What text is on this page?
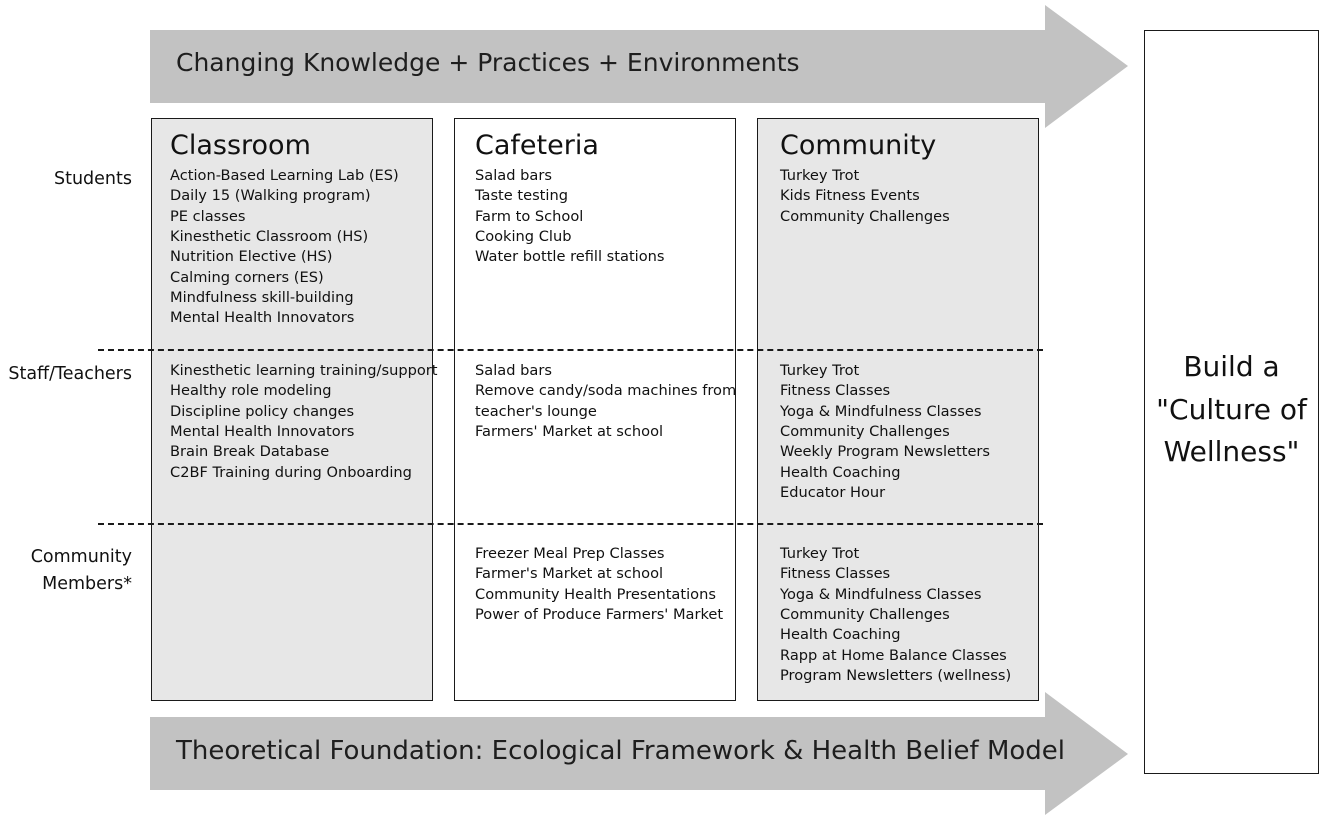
Changing Knowledge + Practices + Environments
Theoretical Foundation: Ecological Framework & Health Belief Model
Classroom	Cafeteria	Community
Students
Staff/Teachers
Community
Members*
Action-Based Learning Lab (ES)
Daily 15 (Walking program)
PE classes
Kinesthetic Classroom (HS)
Nutrition Elective (HS)
Calming corners (ES)
Mindfulness skill-building
Mental Health Innovators
Salad bars
Taste testing
Farm to School
Cooking Club
Water bottle refill stations
Turkey Trot
Kids Fitness Events
Community Challenges
Kinesthetic learning training/support
Healthy role modeling
Discipline policy changes
Mental Health Innovators
Brain Break Database
C2BF Training during Onboarding
Salad bars
Remove candy/soda machines from
teacher's lounge
Farmers' Market at school
Turkey Trot
Fitness Classes
Yoga & Mindfulness Classes
Community Challenges
Weekly Program Newsletters
Health Coaching
Educator Hour
Freezer Meal Prep Classes
Farmer's Market at school
Community Health Presentations
Power of Produce Farmers' Market
Turkey Trot
Fitness Classes
Yoga & Mindfulness Classes
Community Challenges
Health Coaching
Rapp at Home Balance Classes
Program Newsletters (wellness)
Build a
"Culture of
Wellness"
